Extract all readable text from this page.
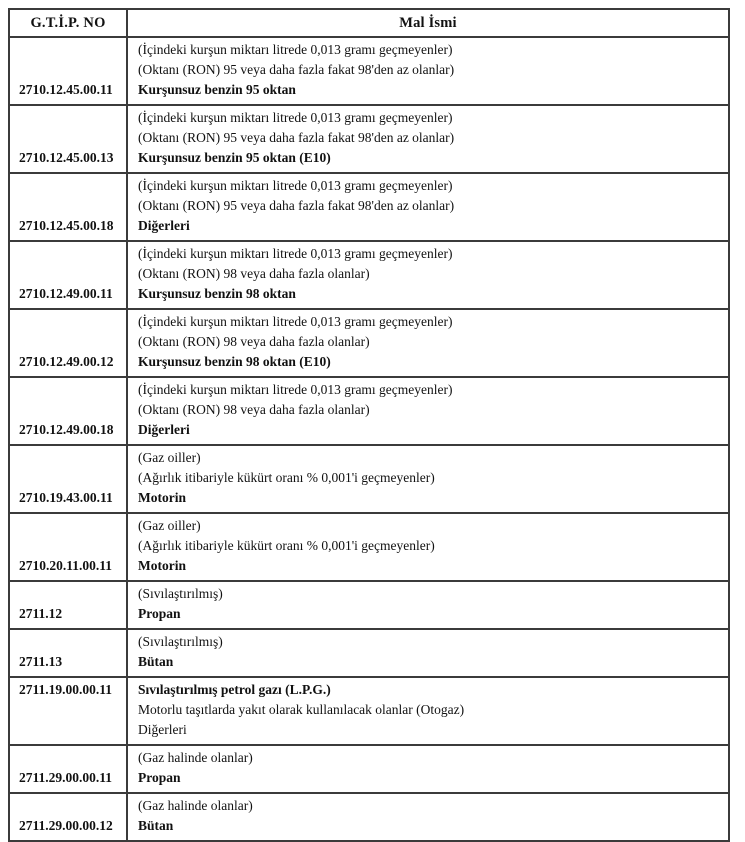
G.T.İ.P. NO	Mal İsmi
2710.12.45.00.11	(İçindeki kurşun miktarı litrede 0,013 gramı geçmeyenler)
(Oktanı (RON) 95 veya daha fazla fakat 98'den az olanlar)
Kurşunsuz benzin 95 oktan

2710.12.45.00.13	(İçindeki kurşun miktarı litrede 0,013 gramı geçmeyenler)
(Oktanı (RON) 95 veya daha fazla fakat 98'den az olanlar)
Kurşunsuz benzin 95 oktan (E10)

2710.12.45.00.18	(İçindeki kurşun miktarı litrede 0,013 gramı geçmeyenler)
(Oktanı (RON) 95 veya daha fazla fakat 98'den az olanlar)
Diğerleri

2710.12.49.00.11	(İçindeki kurşun miktarı litrede 0,013 gramı geçmeyenler)
(Oktanı (RON) 98 veya daha fazla olanlar)
Kurşunsuz benzin 98 oktan

2710.12.49.00.12	(İçindeki kurşun miktarı litrede 0,013 gramı geçmeyenler)
(Oktanı (RON) 98 veya daha fazla olanlar)
Kurşunsuz benzin 98 oktan (E10)

2710.12.49.00.18	(İçindeki kurşun miktarı litrede 0,013 gramı geçmeyenler)
(Oktanı (RON) 98 veya daha fazla olanlar)
Diğerleri

2710.19.43.00.11	(Gaz oiller)
(Ağırlık itibariyle kükürt oranı % 0,001'i geçmeyenler)
Motorin

2710.20.11.00.11	(Gaz oiller)
(Ağırlık itibariyle kükürt oranı % 0,001'i geçmeyenler)
Motorin

2711.12	(Sıvılaştırılmış)
Propan

2711.13	(Sıvılaştırılmış)
Bütan

2711.19.00.00.11	Sıvılaştırılmış petrol gazı (L.P.G.)
Motorlu taşıtlarda yakıt olarak kullanılacak olanlar (Otogaz)
Diğerleri

2711.29.00.00.11	(Gaz halinde olanlar)
Propan

2711.29.00.00.12	(Gaz halinde olanlar)
Bütan
